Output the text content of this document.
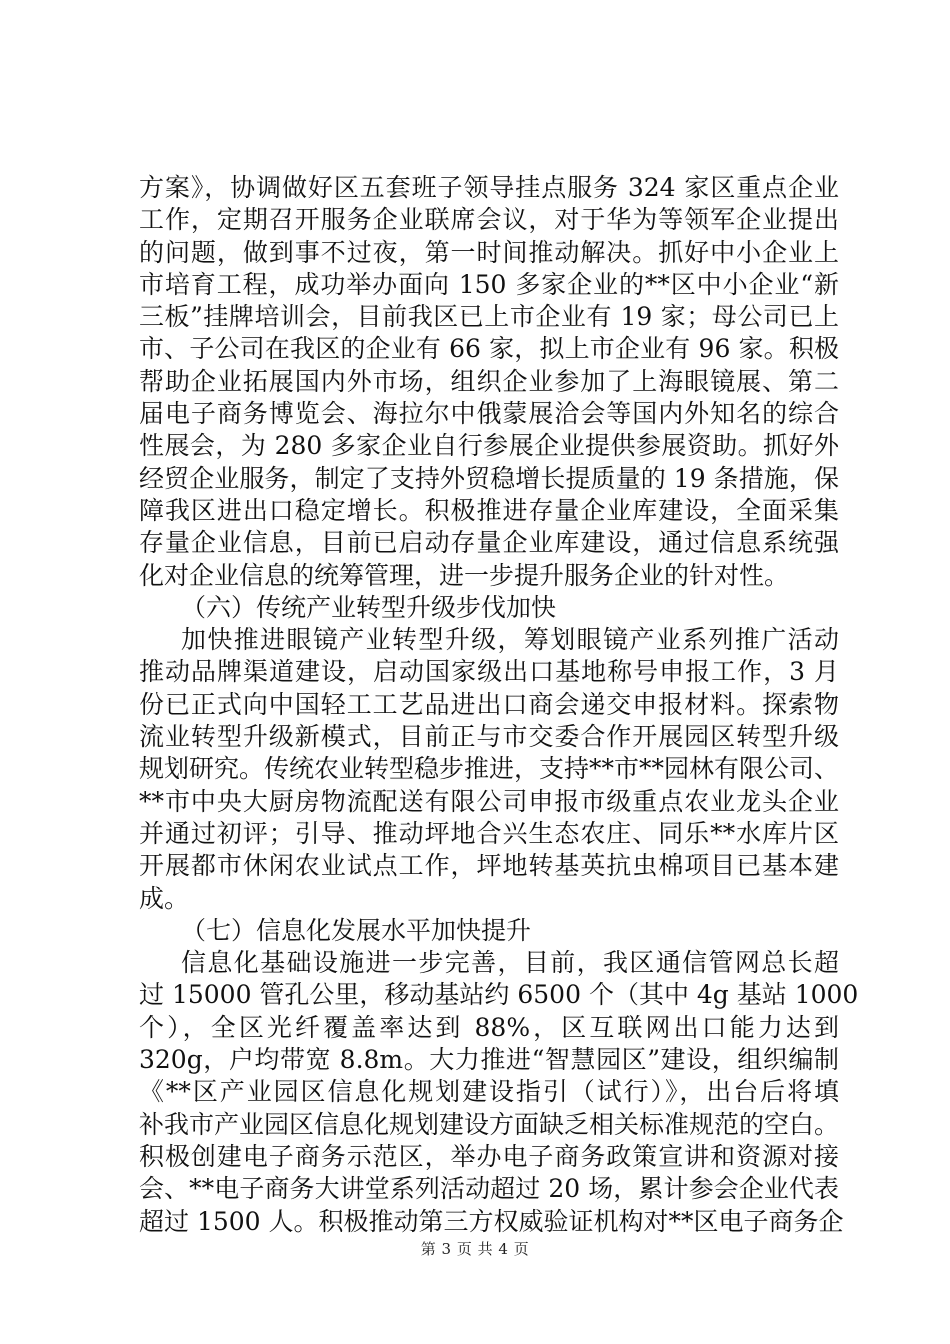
方案》，协调做好区五套班子领导挂点服务 324 家区重点企业
工作，定期召开服务企业联席会议，对于华为等领军企业提出
的问题，做到事不过夜，第一时间推动解决。抓好中小企业上
市培育工程，成功举办面向 150 多家企业的**区中小企业“新
三板”挂牌培训会，目前我区已上市企业有 19 家；母公司已上
市、子公司在我区的企业有 66 家，拟上市企业有 96 家。积极
帮助企业拓展国内外市场，组织企业参加了上海眼镜展、第二
届电子商务博览会、海拉尔中俄蒙展洽会等国内外知名的综合
性展会，为 280 多家企业自行参展企业提供参展资助。抓好外
经贸企业服务，制定了支持外贸稳增长提质量的 19 条措施，保
障我区进出口稳定增长。积极推进存量企业库建设，全面采集
存量企业信息，目前已启动存量企业库建设，通过信息系统强
化对企业信息的统筹管理，进一步提升服务企业的针对性。
（六）传统产业转型升级步伐加快
加快推进眼镜产业转型升级，筹划眼镜产业系列推广活动
推动品牌渠道建设，启动国家级出口基地称号申报工作，3 月
份已正式向中国轻工工艺品进出口商会递交申报材料。探索物
流业转型升级新模式，目前正与市交委合作开展园区转型升级
规划研究。传统农业转型稳步推进，支持**市**园林有限公司、
**市中央大厨房物流配送有限公司申报市级重点农业龙头企业
并通过初评；引导、推动坪地合兴生态农庄、同乐**水库片区
开展都市休闲农业试点工作，坪地转基英抗虫棉项目已基本建
成。
（七）信息化发展水平加快提升
信息化基础设施进一步完善，目前，我区通信管网总长超
过 15000 管孔公里，移动基站约 6500 个（其中 4g 基站 1000
个），全区光纤覆盖率达到 88%，区互联网出口能力达到
320g，户均带宽 8.8m。大力推进“智慧园区”建设，组织编制
《**区产业园区信息化规划建设指引（试行）》，出台后将填
补我市产业园区信息化规划建设方面缺乏相关标准规范的空白。
积极创建电子商务示范区，举办电子商务政策宣讲和资源对接
会、**电子商务大讲堂系列活动超过 20 场，累计参会企业代表
超过 1500 人。积极推动第三方权威验证机构对**区电子商务企
第 3 页 共 4 页
